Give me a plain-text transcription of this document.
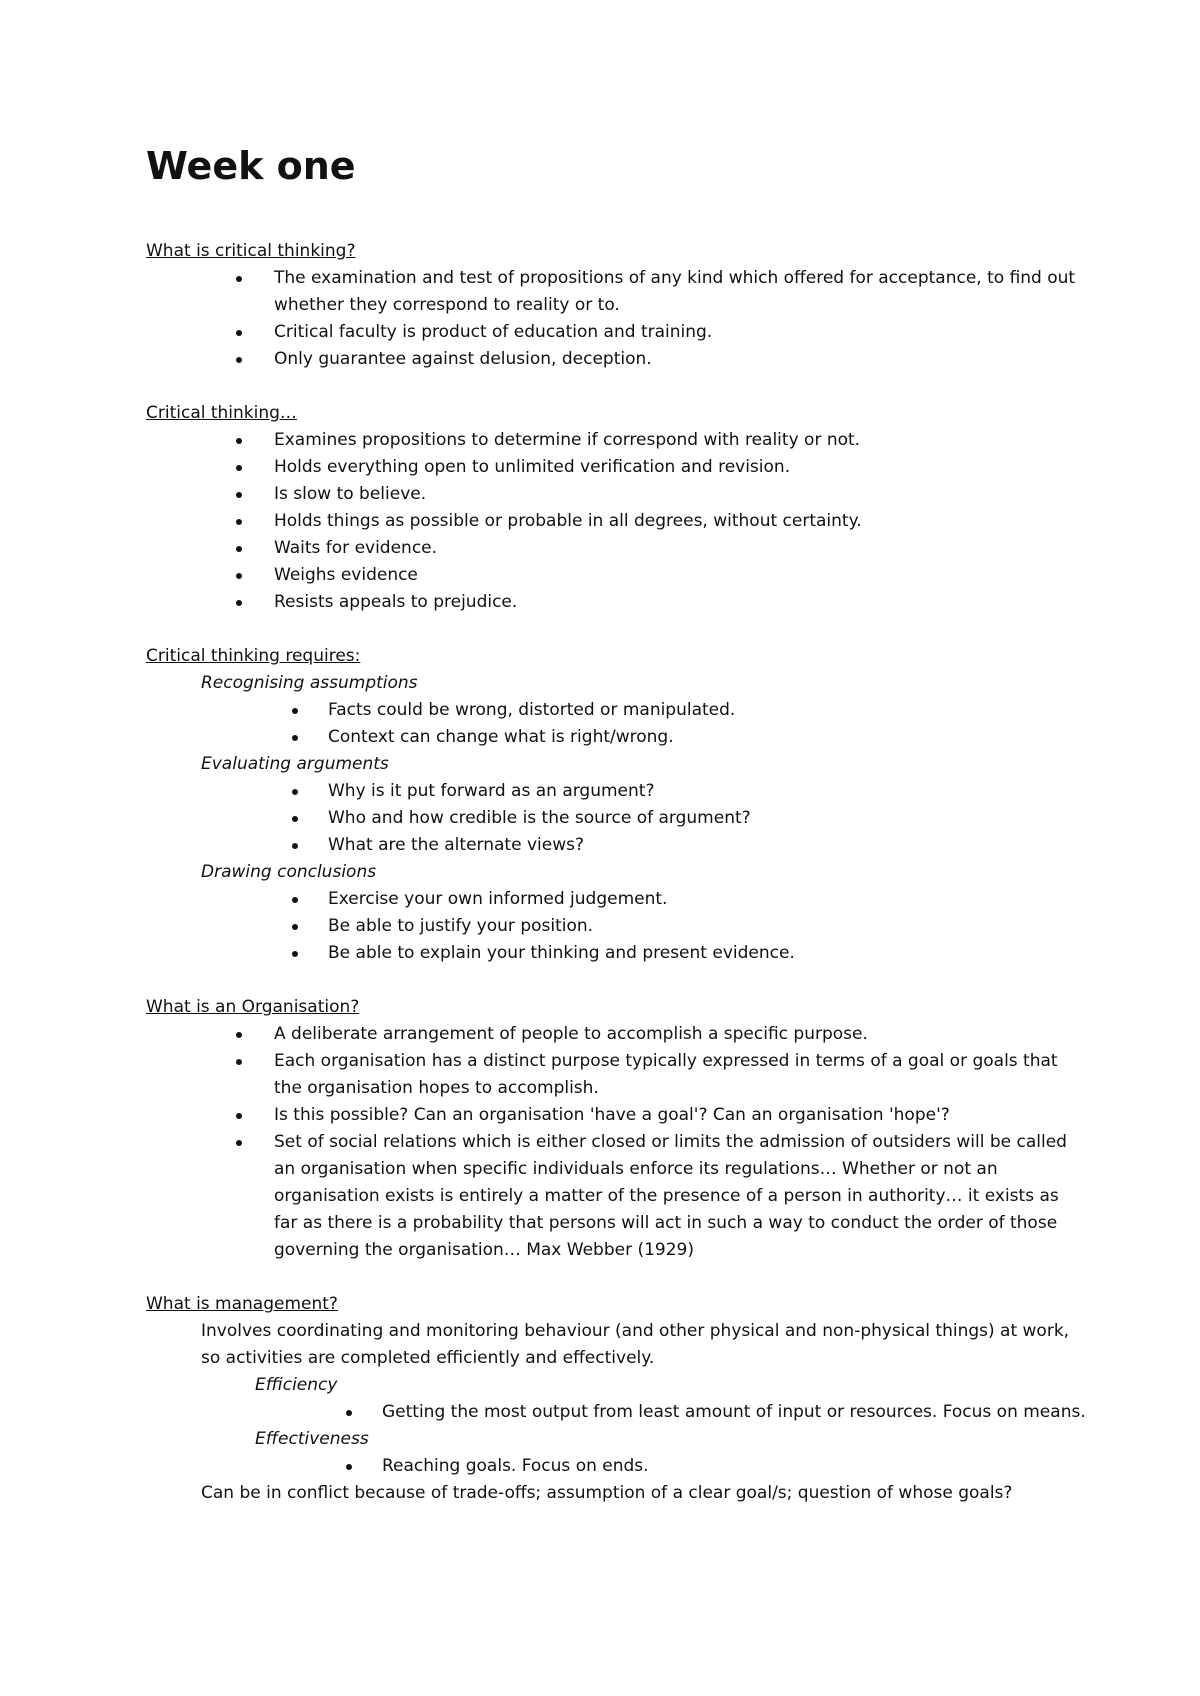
Week one

What is critical thinking?

The examination and test of propositions of any kind which offered for acceptance, to find out whether they correspond to reality or to.
Critical faculty is product of education and training.
Only guarantee against delusion, deception.

Critical thinking…

Examines propositions to determine if correspond with reality or not.
Holds everything open to unlimited verification and revision.
Is slow to believe.
Holds things as possible or probable in all degrees, without certainty.
Waits for evidence.
Weighs evidence
Resists appeals to prejudice.

Critical thinking requires:

Recognising assumptions

Facts could be wrong, distorted or manipulated.
Context can change what is right/wrong.

Evaluating arguments

Why is it put forward as an argument?
Who and how credible is the source of argument?
What are the alternate views?

Drawing conclusions

Exercise your own informed judgement.
Be able to justify your position.
Be able to explain your thinking and present evidence.

What is an Organisation?

A deliberate arrangement of people to accomplish a specific purpose.
Each organisation has a distinct purpose typically expressed in terms of a goal or goals that the organisation hopes to accomplish.
Is this possible? Can an organisation 'have a goal'? Can an organisation 'hope'?
Set of social relations which is either closed or limits the admission of outsiders will be called an organisation when specific individuals enforce its regulations… Whether or not an organisation exists is entirely a matter of the presence of a person in authority… it exists as far as there is a probability that persons will act in such a way to conduct the order of those governing the organisation… Max Webber (1929)

What is management?

Involves coordinating and monitoring behaviour (and other physical and non-physical things) at work, so activities are completed efficiently and effectively.

Efficiency

Getting the most output from least amount of input or resources. Focus on means.

Effectiveness

Reaching goals. Focus on ends.

Can be in conflict because of trade-offs; assumption of a clear goal/s; question of whose goals?
